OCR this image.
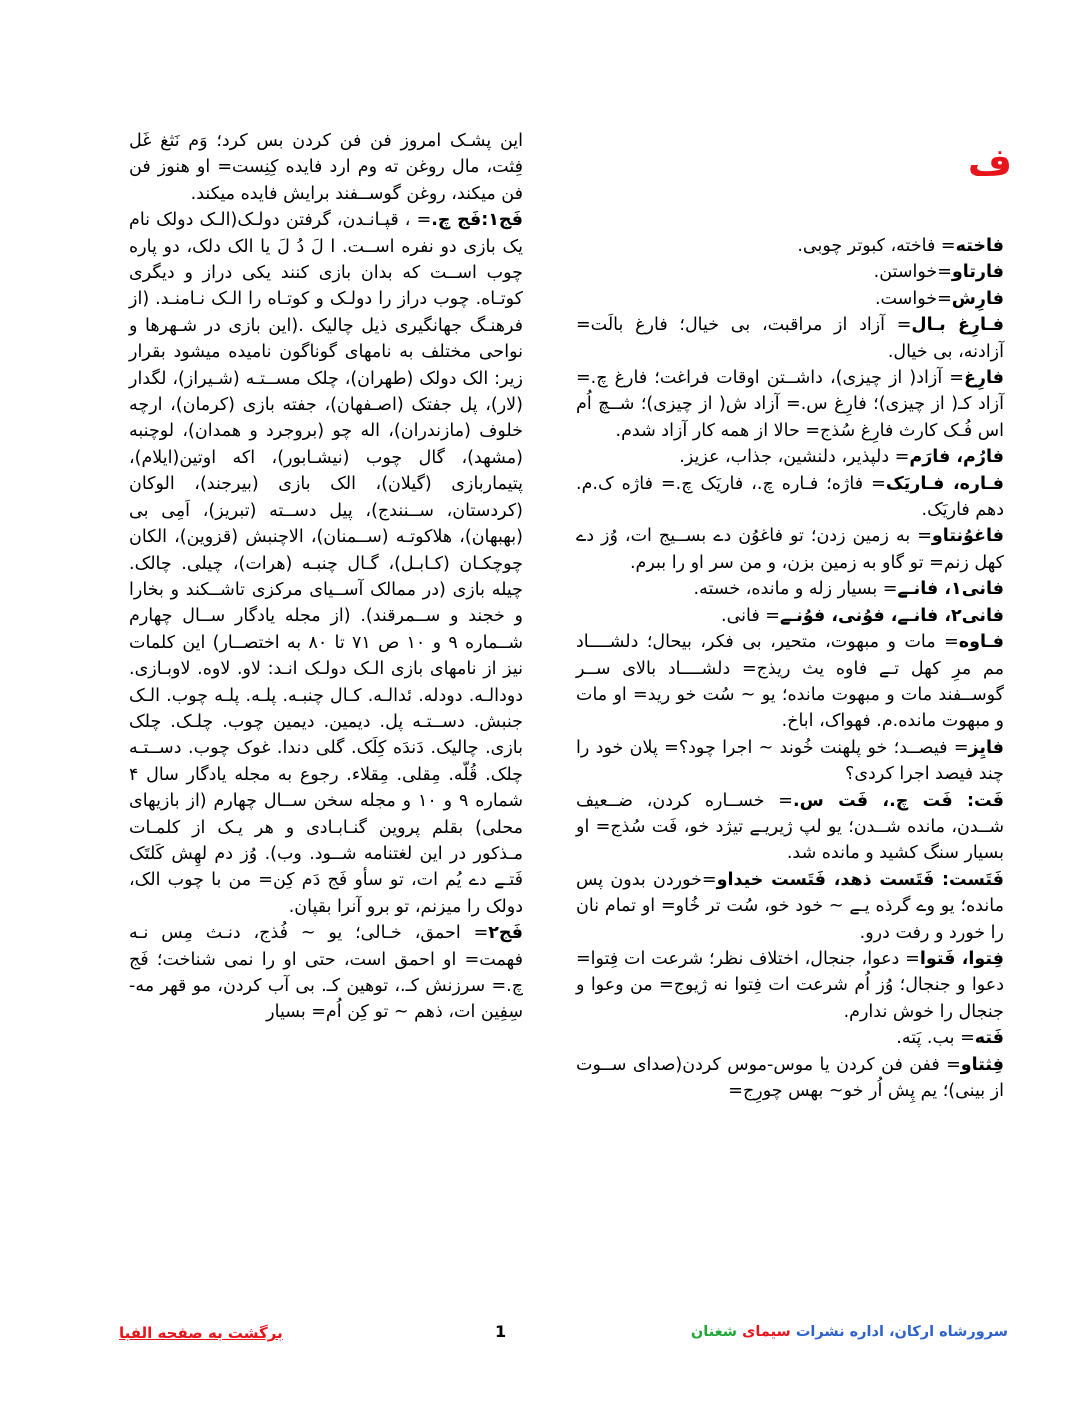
ف

این پشـک امروز فن فن کردن بس کرد؛ وَم نَثغ غَل فِثت، مال روغن ته وم ارد فایده کِنِست= او هنوز فن فن میکند، روغن گوســفند برایش فایده میکند.

فَج۱:فَج چ.= ، قپـانـدن، گرفتن دولـک(الـک دولک نام یک بازی دو نفره اســت. ا لَ دُ لَ یا الک دلک، دو پاره چوب اســت که بدان بازی کنند یکی دراز و دیگری کوتـاه. چوب دراز را دولـک و کوتـاه را الـک نـامنـد. (از فرهنـگ جهانگیری ذیل چالیک .(این بازی در شـهرها و نواحی مختلف به نامهای گوناگون نامیده میشود بقرار زیر: الک دولک (طهران)، چلک مســتـه (شـیراز)، لگدار (لار)، پل جفتک (اصـفهان)، جفته بازی (کرمان)، ارچه خلوف (مازندران)، اله چو (بروجرد و همدان)، لوچنبه (مشهد)، گال چوب (نیشـابور)، اکه اوتین(ایلام)، پتیماربازی (گیلان)، الک بازی (بیرجند)، الوکان (کردستان، ســنندج)، پیل دســته (تبریز)، اَمِی بی (بهبهان)، هلاکوتـه (ســمنان)، الاچنبش (قزوین)، الکان چوچکـان (کـابـل)، گـال چنبـه (هرات)، چیلی. چالک. چیله بازی (در ممالک آســیای مرکزی تاشــکند و بخارا و خجند و ســمرقند). (از مجله یادگار ســال چهارم شــماره ۹ و ۱۰ ص ۷۱ تا ۸۰ به اختصــار) این کلمات نیز از نامهای بازی الـک دولـک انـد: لاو. لاوه. لاوبـازی. دودالـه. دودله. ئدالـه. کـال چنبـه. پلـه. پلـه چوب. الـک جنبش. دســتـه پل. دیمین. دیمین چوب. چلـک. چلک بازی. چالیک. دَندَه کِلَک. گلی دندا. غوک چوب. دســتـه چلک. قُلّه. مِقلی. مِقلاء. رجوع به مجله یادگار سال ۴ شماره ۹ و ۱۰ و مجله سخن ســال چهارم (از بازیهای محلی) بقلم پروین گنـابـادی و هر یـک از کلمـات مـذکور در این لغتنامه شــود. وب). وُز دم لهِش کَلتَک فَتـے دے یُم ات، تو سأو فَج دَم کِن= من با چوب الک، دولک را میزنم، تو برو آنرا بقپان.

فَج۲= احمق، خـالی؛ یو ~ فُذج، دنـث مِس نـه فهمت= او احمق است، حتی او را نمی شناخت؛ فَج چ.= سرزنش کـ.، توهین کـ. بی آب کردن، مو قهر مه- سِفِین ات، ذهم ~ تو کِن اُم= بسیار

فاخته= فاخته، کبوتر چوبی.

فارتاو=خواستن.

فارِش=خواست.

فـارِغ بـال= آزاد از مراقبت، بی خیال؛ فارغ بالَت= آزادنه، بی خیال.

فارِغ= آزاد( از چیزی)، داشــتن اوقات فراغت؛ فارغ چ.= آزاد کـ( از چیزی)؛ فارِغ س.= آزاد ش( از چیزی)؛ شــچ اُم اس فُـک کارث فارِغ سُذج= حالا از همه کار آزاد شدم.

فارُم، فارَم= دلپذیر، دلنشین، جذاب، عزیز.

فـاره، فـاریَک= فاژه؛ فـاره چ.، فاریَک چ.= فاژه ک.م. دهم فاریَک.

فاغوُنتاو= به زمین زدن؛ تو فاغوُن دے بســیج ات، وُز دے کهل زنم= تو گاو به زمین بزن، و من سر او را ببرم.

فانی۱، فانـے= بسیار زله و مانده، خسته.

فانی۲، فانـے، فوُنی، فوُنـے= فانی.

فـاوه= مات و مبهوت، متحیر، بی فکر، بیحال؛ دلشــــاد مم مرِ کهل تـے فاوه یث ریذج= دلشــــاد بالای ســر گوســفند مات و مبهوت مانده؛ یو ~ سُت خو رید= او مات و مبهوت مانده.م. فهواک، اباخ.

فایِز= فیصــد؛ خو پلهنت خُوند ~ اجرا چود؟= پلان خود را چند فیصد اجرا کردی؟

فَت: فَت چ.، فَت س.= خســاره کردن، ضــعیف شــدن، مانده شــدن؛ یو لپ ژیریـے تیژد خو، فَت سُذج= او بسیار سنگ کشید و مانده شد.

فَتَست: فَتَست ذهد، فَتَست خیداو=خوردن بدون پس مانده؛ یو وے گرذه یـے ~ خود خو، سُت تر خُاو= او تمام نان را خورد و رفت درو.

فِتوا، فَتوا= دعوا، جنجال، اختلاف نظر؛ شرعت ات فِتوا= دعوا و جنجال؛ وُز اُم شرعت ات فِتوا نه ژیوج= من وعوا و جنجال را خوش ندارم.

فَته= بب. پَته.

فِثتاو= ففن فن کردن یا موس-موس کردن(صدای ســوت از بینی)؛ یم پِش اُر خو~ بهس چورِج=

برگشت به صفحه الفبا	1	سرورشاه ارکان، اداره نشرات سیمای شغنان
